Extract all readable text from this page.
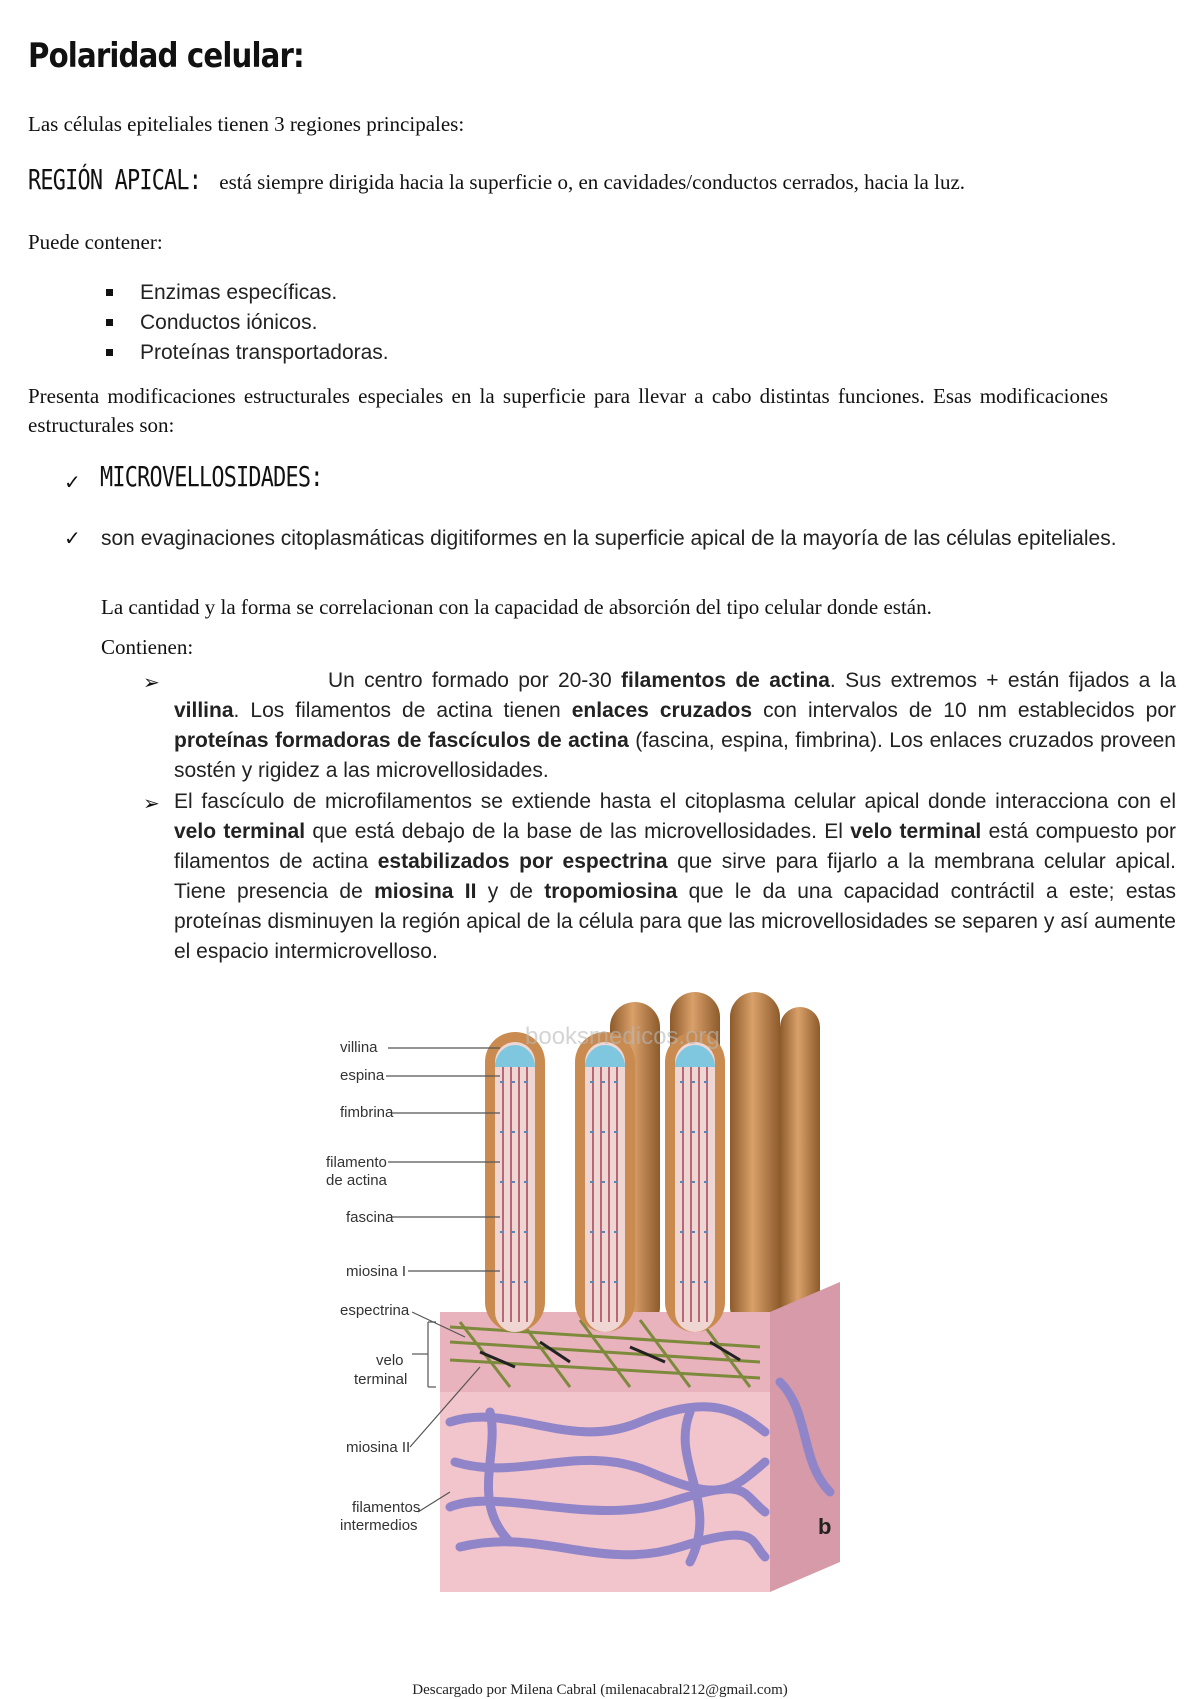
Polaridad celular:

Las células epiteliales tienen 3 regiones principales:

REGIÓN APICAL: está siempre dirigida hacia la superficie o, en cavidades/conductos cerrados, hacia la luz.

Puede contener:

Enzimas específicas.
Conductos iónicos.
Proteínas transportadoras.

Presenta modificaciones estructurales especiales en la superficie para llevar a cabo distintas funciones. Esas modificaciones estructurales son:

✓ MICROVELLOSIDADES:

✓ son evaginaciones citoplasmáticas digitiformes en la superficie apical de la mayoría de las células epiteliales.

La cantidad y la forma se correlacionan con la capacidad de absorción del tipo celular donde están.

Contienen:

➢	Un centro formado por 20-30 filamentos de actina. Sus extremos + están fijados a la villina. Los filamentos de actina tienen enlaces cruzados con intervalos de 10 nm establecidos por proteínas formadoras de fascículos de actina (fascina, espina, fimbrina). Los enlaces cruzados proveen sostén y rigidez a las microvellosidades.

➢ El fascículo de microfilamentos se extiende hasta el citoplasma celular apical donde interacciona con el velo terminal que está debajo de la base de las microvellosidades. El velo terminal está compuesto por filamentos de actina estabilizados por espectrina que sirve para fijarlo a la membrana celular apical. Tiene presencia de miosina II y de tropomiosina que le da una capacidad contráctil a este; estas proteínas disminuyen la región apical de la célula para que las microvellosidades se separen y así aumente el espacio intermicrovelloso.

booksmedicos.org
villina
espina
fimbrina
filamento
de actina
fascina
miosina I
espectrina
velo
terminal
miosina II
filamentos
intermedios	b

Descargado por Milena Cabral (milenacabral212@gmail.com)
